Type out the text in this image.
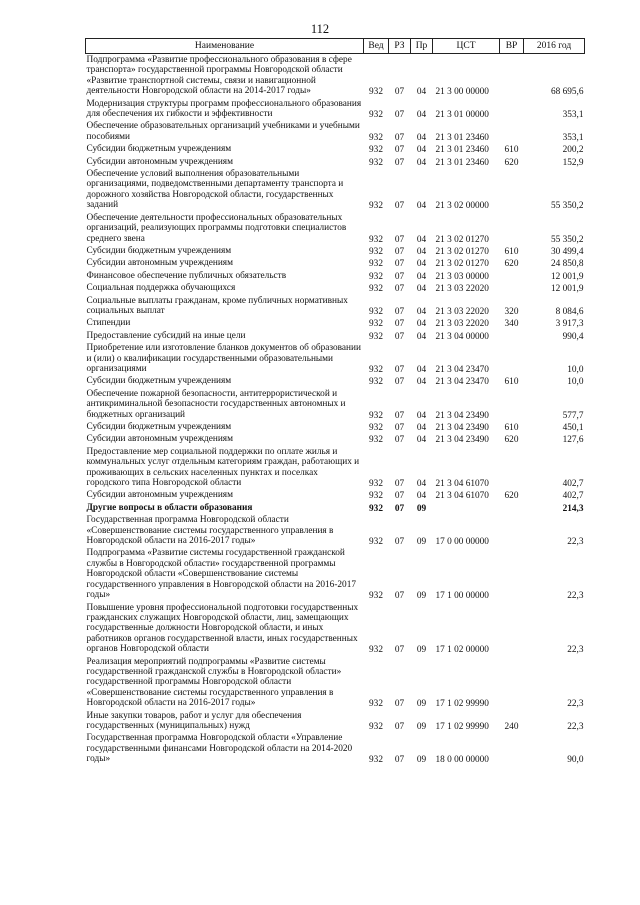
112
Наименование	Вед	РЗ	Пр	ЦСТ	ВР	2016 год
Подпрограмма «Развитие профессионального образования в сфере транспорта» государственной программы Новгородской области «Развитие транспортной системы, связи и навигационной деятельности Новгородской области на 2014-2017 годы»	932	07	04	21 3 00 00000		68 695,6
Модернизация структуры программ профессионального образования для обеспечения их гибкости и эффективности	932	07	04	21 3 01 00000		353,1
Обеспечение образовательных организаций учебниками и учебными пособиями	932	07	04	21 3 01 23460		353,1
Субсидии бюджетным учреждениям	932	07	04	21 3 01 23460	610	200,2
Субсидии автономным учреждениям	932	07	04	21 3 01 23460	620	152,9
Обеспечение условий выполнения образовательными организациями, подведомственными департаменту транспорта и дорожного хозяйства Новгородской области, государственных заданий	932	07	04	21 3 02 00000		55 350,2
Обеспечение деятельности профессиональных образовательных организаций, реализующих программы подготовки специалистов среднего звена	932	07	04	21 3 02 01270		55 350,2
Субсидии бюджетным учреждениям	932	07	04	21 3 02 01270	610	30 499,4
Субсидии автономным учреждениям	932	07	04	21 3 02 01270	620	24 850,8
Финансовое обеспечение публичных обязательств	932	07	04	21 3 03 00000		12 001,9
Социальная поддержка обучающихся	932	07	04	21 3 03 22020		12 001,9
Социальные выплаты гражданам, кроме публичных нормативных социальных выплат	932	07	04	21 3 03 22020	320	8 084,6
Стипендии	932	07	04	21 3 03 22020	340	3 917,3
Предоставление субсидий на иные цели	932	07	04	21 3 04 00000		990,4
Приобретение или изготовление бланков документов об образовании и (или) о квалификации государственными образовательными организациями	932	07	04	21 3 04 23470		10,0
Субсидии бюджетным учреждениям	932	07	04	21 3 04 23470	610	10,0
Обеспечение пожарной безопасности, антитеррористической и антикриминальной безопасности государственных автономных и бюджетных организаций	932	07	04	21 3 04 23490		577,7
Субсидии бюджетным учреждениям	932	07	04	21 3 04 23490	610	450,1
Субсидии автономным учреждениям	932	07	04	21 3 04 23490	620	127,6
Предоставление мер социальной поддержки по оплате жилья и коммунальных услуг отдельным категориям граждан, работающих и проживающих в сельских населенных пунктах и поселках городского типа Новгородской области	932	07	04	21 3 04 61070		402,7
Субсидии автономным учреждениям	932	07	04	21 3 04 61070	620	402,7
Другие вопросы в области образования	932	07	09			214,3
Государственная программа Новгородской области «Совершенствование системы государственного управления в Новгородской области на 2016-2017 годы»	932	07	09	17 0 00 00000		22,3
Подпрограмма «Развитие системы государственной гражданской службы в Новгородской области» государственной программы Новгородской области «Совершенствование системы государственного управления в Новгородской области на 2016-2017 годы»	932	07	09	17 1 00 00000		22,3
Повышение уровня профессиональной подготовки государственных гражданских служащих Новгородской области, лиц, замещающих государственные должности Новгородской области, и иных работников органов государственной власти, иных государственных органов Новгородской области	932	07	09	17 1 02 00000		22,3
Реализация мероприятий подпрограммы «Развитие системы государственной гражданской службы в Новгородской области» государственной программы Новгородской области «Совершенствование системы государственного управления в Новгородской области на 2016-2017 годы»	932	07	09	17 1 02 99990		22,3
Иные закупки товаров, работ и услуг для обеспечения государственных (муниципальных) нужд	932	07	09	17 1 02 99990	240	22,3
Государственная программа Новгородской области «Управление государственными финансами Новгородской области на 2014-2020 годы»	932	07	09	18 0 00 00000		90,0
